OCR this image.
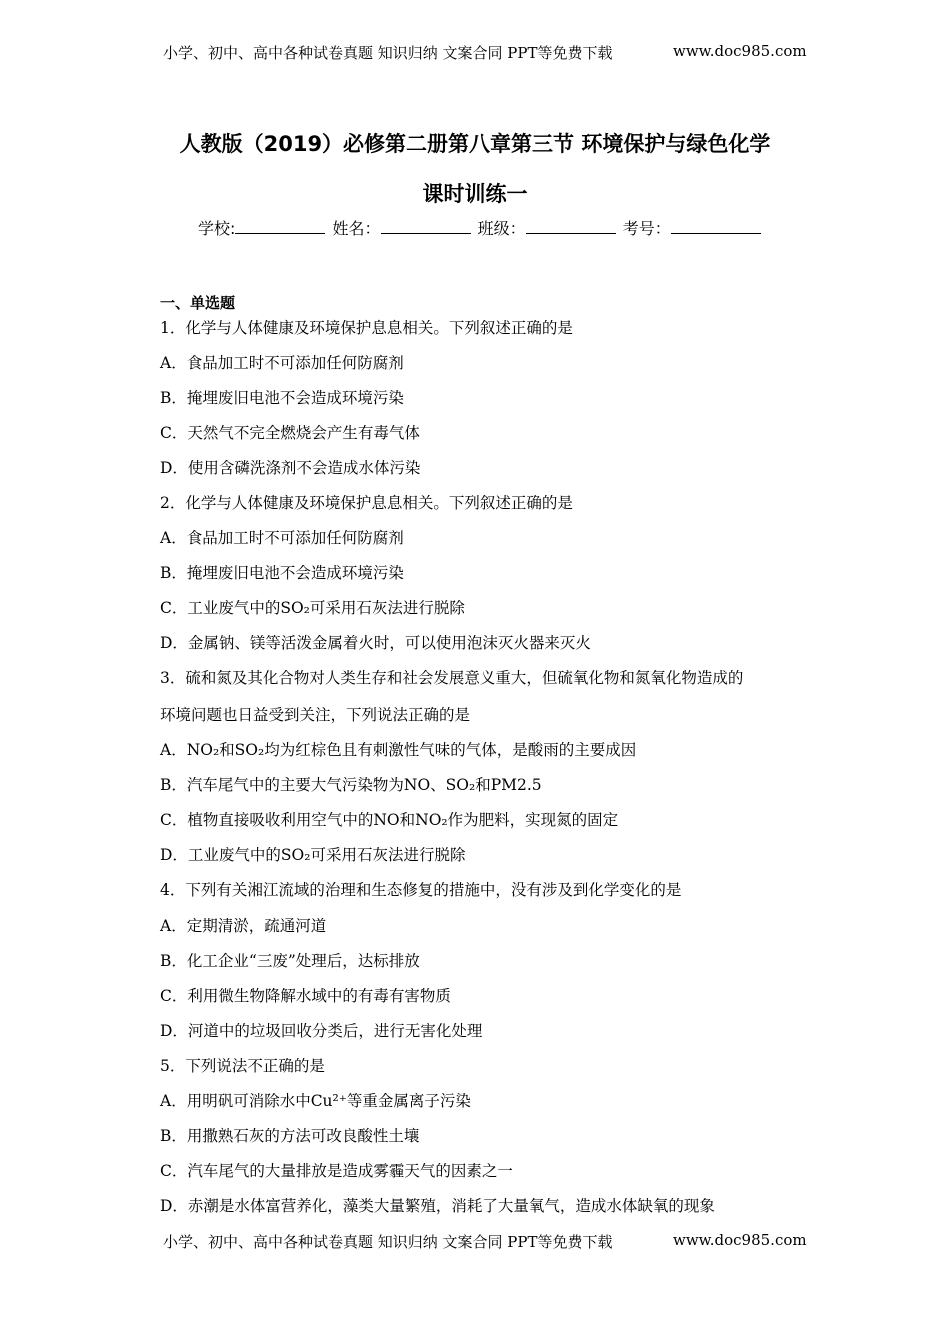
小学、初中、高中各种试卷真题 知识归纳 文案合同 PPT等免费下载	www.doc985.com
人教版（2019）必修第二册第八章第三节 环境保护与绿色化学
课时训练一
学校:	姓名：	班级：	考号：
一、单选题
1．化学与人体健康及环境保护息息相关。下列叙述正确的是
A．食品加工时不可添加任何防腐剂
B．掩埋废旧电池不会造成环境污染
C．天然气不完全燃烧会产生有毒气体
D．使用含磷洗涤剂不会造成水体污染
2．化学与人体健康及环境保护息息相关。下列叙述正确的是
A．食品加工时不可添加任何防腐剂
B．掩埋废旧电池不会造成环境污染
C．工业废气中的SO₂可采用石灰法进行脱除
D．金属钠、镁等活泼金属着火时，可以使用泡沫灭火器来灭火
3．硫和氮及其化合物对人类生存和社会发展意义重大，但硫氧化物和氮氧化物造成的
环境问题也日益受到关注，下列说法正确的是
A．NO₂和SO₂均为红棕色且有刺激性气味的气体，是酸雨的主要成因
B．汽车尾气中的主要大气污染物为NO、SO₂和PM2.5
C．植物直接吸收利用空气中的NO和NO₂作为肥料，实现氮的固定
D．工业废气中的SO₂可采用石灰法进行脱除
4．下列有关湘江流域的治理和生态修复的措施中，没有涉及到化学变化的是
A．定期清淤，疏通河道
B．化工企业“三废”处理后，达标排放
C．利用微生物降解水域中的有毒有害物质
D．河道中的垃圾回收分类后，进行无害化处理
5．下列说法不正确的是
A．用明矾可消除水中Cu²⁺等重金属离子污染
B．用撒熟石灰的方法可改良酸性土壤
C．汽车尾气的大量排放是造成雾霾天气的因素之一
D．赤潮是水体富营养化，藻类大量繁殖，消耗了大量氧气，造成水体缺氧的现象
小学、初中、高中各种试卷真题 知识归纳 文案合同 PPT等免费下载	www.doc985.com
